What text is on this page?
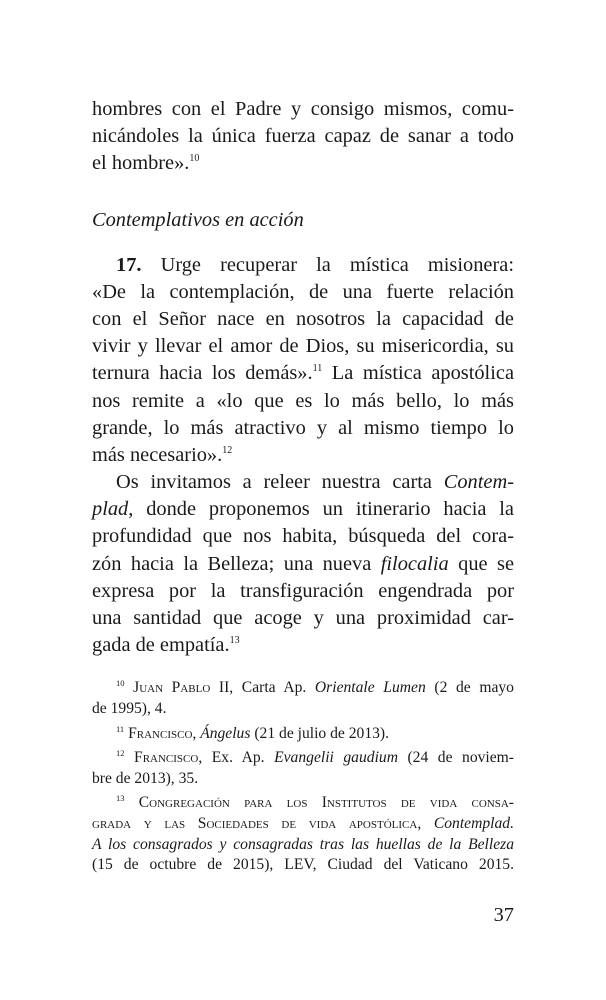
hombres con el Padre y consigo mismos, comu-
nicándoles la única fuerza capaz de sanar a todo
el hombre».$^{10}$
Contemplativos en acción
17. Urge recuperar la mística misionera:
«De la contemplación, de una fuerte relación
con el Señor nace en nosotros la capacidad de
vivir y llevar el amor de Dios, su misericordia, su
ternura hacia los demás».$^{11}$ La mística apostólica
nos remite a «lo que es lo más bello, lo más
grande, lo más atractivo y al mismo tiempo lo
más necesario».$^{12}$
Os invitamos a releer nuestra carta Contem-
plad, donde proponemos un itinerario hacia la
profundidad que nos habita, búsqueda del cora-
zón hacia la Belleza; una nueva filocalia que se
expresa por la transfiguración engendrada por
una santidad que acoge y una proximidad car-
gada de empatía.$^{13}$
$^{10}$ Juan Pablo II, Carta Ap. Orientale Lumen (2 de mayo
de 1995), 4.
$^{11}$ Francisco, Ángelus (21 de julio de 2013).
$^{12}$ Francisco, Ex. Ap. Evangelii gaudium (24 de noviem-
bre de 2013), 35.
$^{13}$ Congregación para los Institutos de vida consa-
grada y las Sociedades de vida apostólica, Contemplad.
A los consagrados y consagradas tras las huellas de la Belleza
(15 de octubre de 2015), LEV, Ciudad del Vaticano 2015.
37
